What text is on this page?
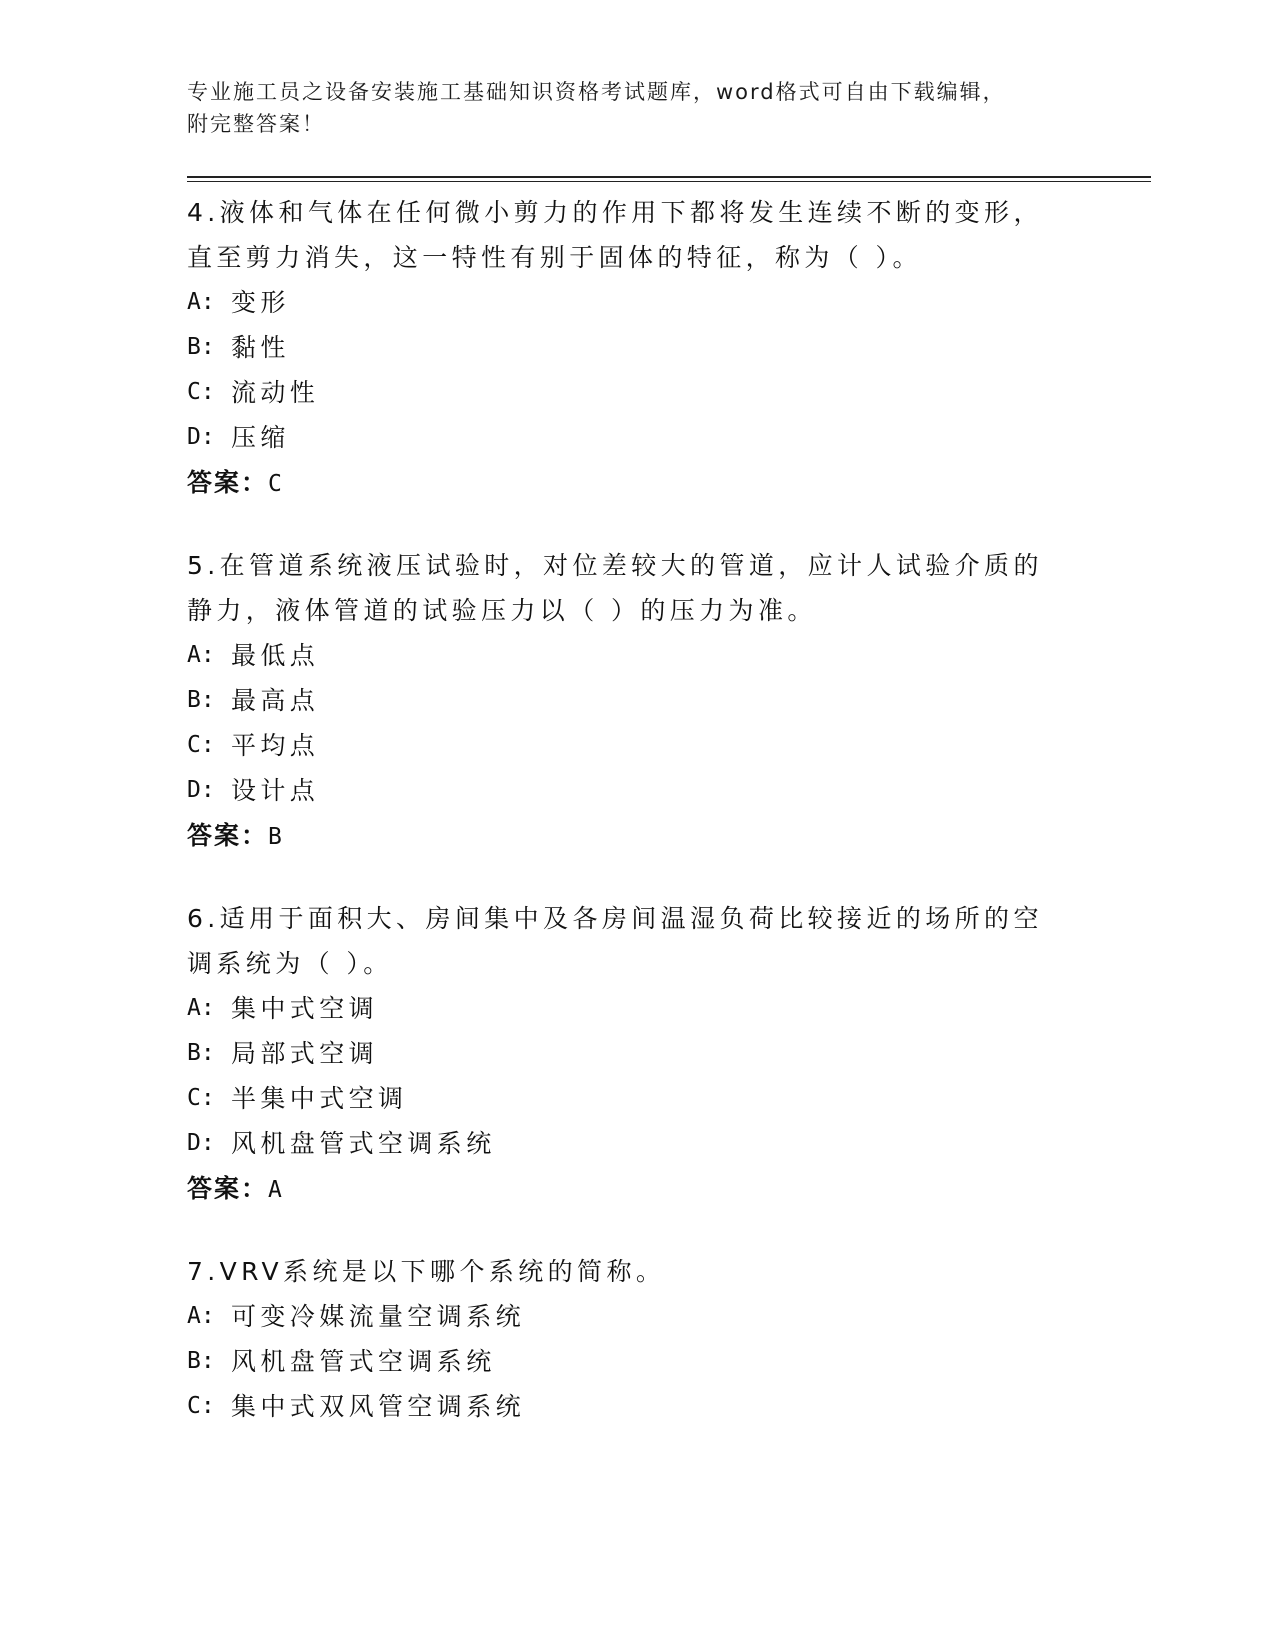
专业施工员之设备安装施工基础知识资格考试题库，word格式可自由下载编辑，
附完整答案！

4.液体和气体在任何微小剪力的作用下都将发生连续不断的变形，直至剪力消失，这一特性有别于固体的特征，称为（ ）。

A: 变形

B: 黏性

C: 流动性

D: 压缩

答案：C

5.在管道系统液压试验时，对位差较大的管道，应计人试验介质的静力，液体管道的试验压力以（ ）的压力为准。

A: 最低点

B: 最高点

C: 平均点

D: 设计点

答案：B

6.适用于面积大、房间集中及各房间温湿负荷比较接近的场所的空调系统为（ ）。

A: 集中式空调

B: 局部式空调

C: 半集中式空调

D: 风机盘管式空调系统

答案：A

7.VRV系统是以下哪个系统的简称。

A: 可变冷媒流量空调系统

B: 风机盘管式空调系统

C: 集中式双风管空调系统
